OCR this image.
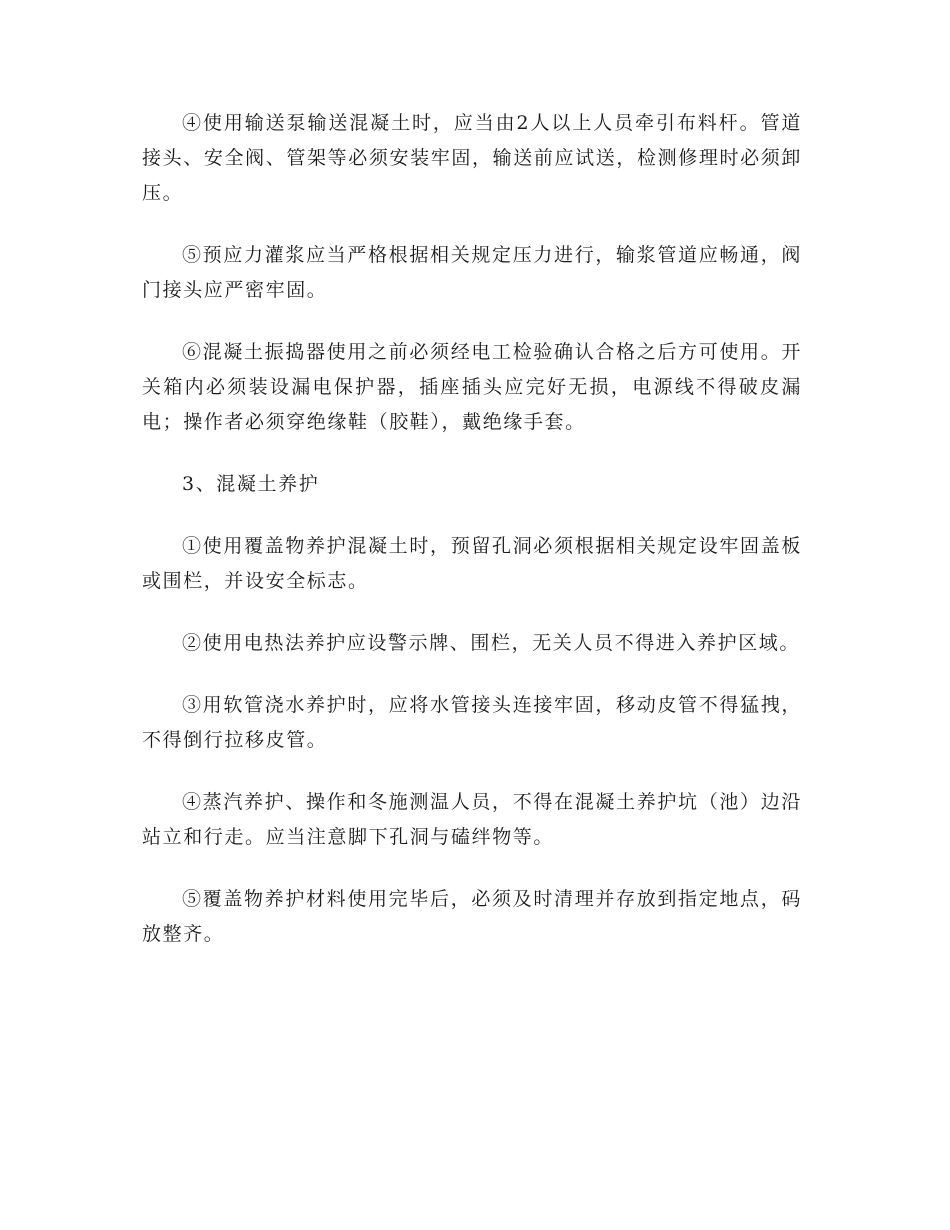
④使用输送泵输送混凝土时，应当由2人以上人员牵引布料杆。管道接头、安全阀、管架等必须安装牢固，输送前应试送，检测修理时必须卸压。

⑤预应力灌浆应当严格根据相关规定压力进行，输浆管道应畅通，阀门接头应严密牢固。

⑥混凝土振捣器使用之前必须经电工检验确认合格之后方可使用。开关箱内必须装设漏电保护器，插座插头应完好无损，电源线不得破皮漏电；操作者必须穿绝缘鞋（胶鞋），戴绝缘手套。

3、混凝土养护

①使用覆盖物养护混凝土时，预留孔洞必须根据相关规定设牢固盖板或围栏，并设安全标志。

②使用电热法养护应设警示牌、围栏，无关人员不得进入养护区域。

③用软管浇水养护时，应将水管接头连接牢固，移动皮管不得猛拽，不得倒行拉移皮管。

④蒸汽养护、操作和冬施测温人员，不得在混凝土养护坑（池）边沿站立和行走。应当注意脚下孔洞与磕绊物等。

⑤覆盖物养护材料使用完毕后，必须及时清理并存放到指定地点，码放整齐。
